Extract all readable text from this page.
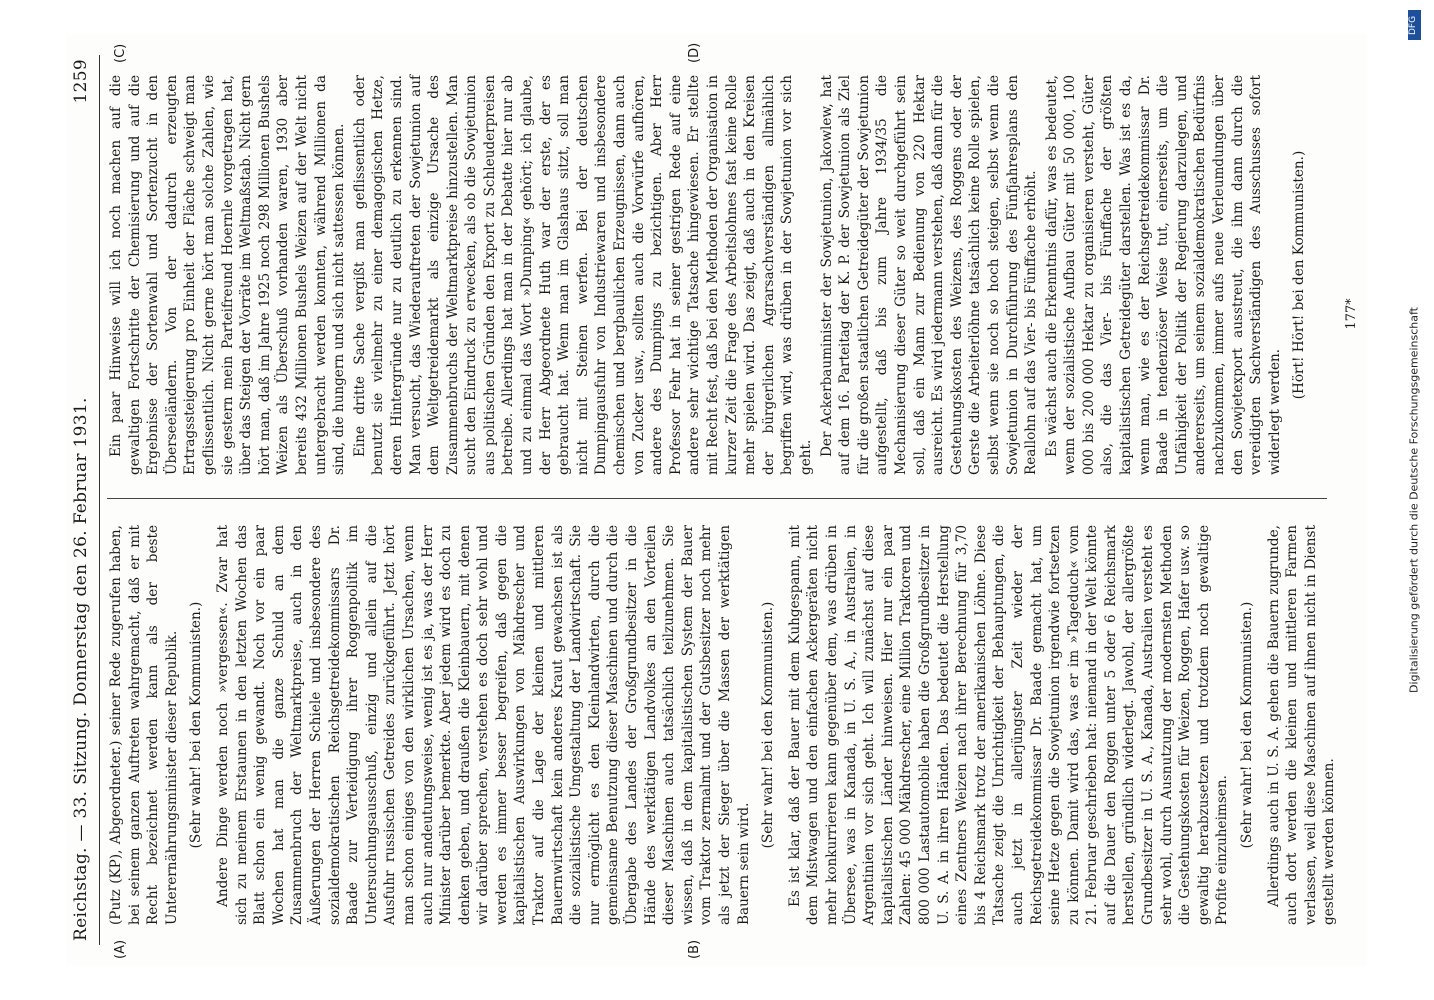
Reichstag. — 33. Sitzung. Donnerstag den 26. Februar 1931.
1259
(A)	(B)
(C)	(D)

(Putz (KP), Abgeordneter.) seiner Rede zugerufen haben, bei seinem ganzen Auftreten wahrgemacht, daß er mit Recht bezeichnet werden kann als der beste Unterernährungsminister dieser Republik. (Sehr wahr! bei den Kommunisten.) Andere Dinge werden noch »vergessen«. Zwar hat sich zu meinem Erstaunen in den letzten Wochen das Blatt schon ein wenig gewandt. Noch vor ein paar Wochen hat man die ganze Schuld an dem Zusammenbruch der Weltmarktpreise, auch in den Äußerungen der Herren Schiele und insbesondere des sozialdemokratischen Reichsgetreidekommissars Dr. Baade zur Verteidigung ihrer Roggenpolitik im Untersuchungsausschuß, einzig und allein auf die Ausfuhr russischen Getreides zurückgeführt. Jetzt hört man schon einiges von den wirklichen Ursachen, wenn auch nur andeutungsweise, wenig ist es ja, was der Herr Minister darüber bemerkte. Aber jedem wird es doch zu denken geben, und draußen die Kleinbauern, mit denen wir darüber sprechen, verstehen es doch sehr wohl und werden es immer besser begreifen, daß gegen die kapitalistischen Auswirkungen von Mähdrescher und Traktor auf die Lage der kleinen und mittleren Bauernwirtschaft kein anderes Kraut gewachsen ist als die sozialistische Umgestaltung der Landwirtschaft. Sie nur ermöglicht es den Kleinlandwirten, durch die gemeinsame Benutzung dieser Maschinen und durch die Übergabe des Landes der Großgrundbesitzer in die Hände des werktätigen Landvolkes an den Vorteilen dieser Maschinen auch tatsächlich teilzunehmen. Sie wissen, daß in dem kapitalistischen System der Bauer vom Traktor zermalmt und der Gutsbesitzer noch mehr als jetzt der Sieger über die Massen der werktätigen Bauern sein wird.

(Sehr wahr! bei den Kommunisten.) Es ist klar, daß der Bauer mit dem Kuhgespann, mit dem Mistwagen und den einfachen Ackergeräten nicht mehr konkurrieren kann gegenüber dem, was drüben in Übersee, was in Kanada, in U. S. A., in Australien, in Argentinien vor sich geht. Ich will zunächst auf diese kapitalistischen Länder hinweisen. Hier nur ein paar Zahlen: 45 000 Mähdrescher, eine Million Traktoren und 800 000 Lastautomobile haben die Großgrundbesitzer in U. S. A. in ihren Händen. Das bedeutet die Herstellung eines Zentners Weizen nach ihrer Berechnung für 3,70 bis 4 Reichsmark trotz der amerikanischen Löhne. Diese Tatsache zeigt die Unrichtigkeit der Behauptungen, die auch jetzt in allerjüngster Zeit wieder der Reichsgetreidekommissar Dr. Baade gemacht hat, um seine Hetze gegen die Sowjetunion irgendwie fortsetzen zu können. Damit wird das, was er im »Tageduch« vom 21. Februar geschrieben hat: niemand in der Welt könnte auf die Dauer den Roggen unter 5 oder 6 Reichsmark herstellen, gründlich widerlegt. Jawohl, der allergrößte Grundbesitzer in U. S. A., Kanada, Australien versteht es sehr wohl, durch Ausnutzung der modernsten Methoden die Gestehungskosten für Weizen, Roggen, Hafer usw. so gewaltig herabzusetzen und trotzdem noch gewaltige Profite einzuheimsen.

(Sehr wahr! bei den Kommunisten.) Allerdings auch in U. S. A. gehen die Bauern zugrunde, auch dort werden die kleinen und mittleren Farmen verlassen, weil diese Maschinen auf ihnen nicht in Dienst gestellt werden können.

Ein paar Hinweise will ich noch machen auf die gewaltigen Fortschritte der Chemisierung und auf die Ergebnisse der Sortenwahl und Sortenzucht in den Überseeländern. Von der dadurch erzeugten Ertragssteigerung pro Einheit der Fläche schweigt man geflissentlich. Nicht gerne hört man solche Zahlen, wie sie gestern mein Parteifreund Hoernle vorgetragen hat, über das Steigen der Vorräte im Weltmaßstab. Nicht gern hört man, daß im Jahre 1925 noch 298 Millionen Bushels Weizen als Überschuß vorhanden waren, 1930 aber bereits 432 Millionen Bushels Weizen auf der Welt nicht untergebracht werden konnten, während Millionen da sind, die hungern und sich nicht sattessen können. Eine dritte Sache vergißt man geflissentlich oder benutzt sie vielmehr zu einer demagogischen Hetze, deren Hintergründe nur zu deutlich zu erkennen sind. Man versucht, das Wiederauftreten der Sowjetunion auf dem Weltgetreidemarkt als einzige Ursache des Zusammenbruchs der Weltmarktpreise hinzustellen. Man sucht den Eindruck zu erwecken, als ob die Sowjetunion aus politischen Gründen den Export zu Schleuderpreisen betreibe. Allerdings hat man in der Debatte hier nur ab und zu einmal das Wort »Dumping« gehört; ich glaube, der Herr Abgeordnete Huth war der erste, der es gebraucht hat. Wenn man im Glashaus sitzt, soll man nicht mit Steinen werfen. Bei der deutschen Dumpingausfuhr von Industriewaren und insbesondere chemischen und bergbaulichen Erzeugnissen, dann auch von Zucker usw., sollten auch die Vorwürfe aufhören, andere des Dumpings zu bezichtigen. Aber Herr Professor Fehr hat in seiner gestrigen Rede auf eine andere sehr wichtige Tatsache hingewiesen. Er stellte mit Recht fest, daß bei den Methoden der Organisation in kurzer Zeit die Frage des Arbeitslohnes fast keine Rolle mehr spielen wird. Das zeigt, daß auch in den Kreisen der bürgerlichen Agrarsachverständigen allmählich begriffen wird, was drüben in der Sowjetunion vor sich geht.

Der Ackerbauminister der Sowjetunion, Jakowlew, hat auf dem 16. Parteitag der K. P. der Sowjetunion als Ziel für die großen staatlichen Getreidegüter der Sowjetunion aufgestellt, daß bis zum Jahre 1934/35 die Mechanisierung dieser Güter so weit durchgeführt sein soll, daß ein Mann zur Bedienung von 220 Hektar ausreicht. Es wird jedermann verstehen, daß dann für die Gestehungskosten des Weizens, des Roggens oder der Gerste die Arbeiterlöhne tatsächlich keine Rolle spielen, selbst wenn sie noch so hoch steigen, selbst wenn die Sowjetunion in Durchführung des Fünfjahresplans den Reallohn auf das Vier- bis Fünffache erhöht. Es wächst auch die Erkenntnis dafür, was es bedeutet, wenn der sozialistische Aufbau Güter mit 50 000, 100 000 bis 200 000 Hektar zu organisieren versteht, Güter also, die das Vier- bis Fünffache der größten kapitalistischen Getreidegüter darstellen. Was ist es da, wenn man, wie es der Reichsgetreidekommissar Dr. Baade in tendenziöser Weise tut, einerseits, um die Unfähigkeit der Politik der Regierung darzulegen, und andererseits, um seinem sozialdemokratischen Bedürfnis nachzukommen, immer aufs neue Verleumdungen über den Sowjetexport ausstreut, die ihm dann durch die vereidigten Sachverständigen des Ausschusses sofort widerlegt werden.

(Hört! Hört! bei den Kommunisten.)	177*
DFG
Digitalisierung gefördert durch die Deutsche Forschungsgemeinschaft
